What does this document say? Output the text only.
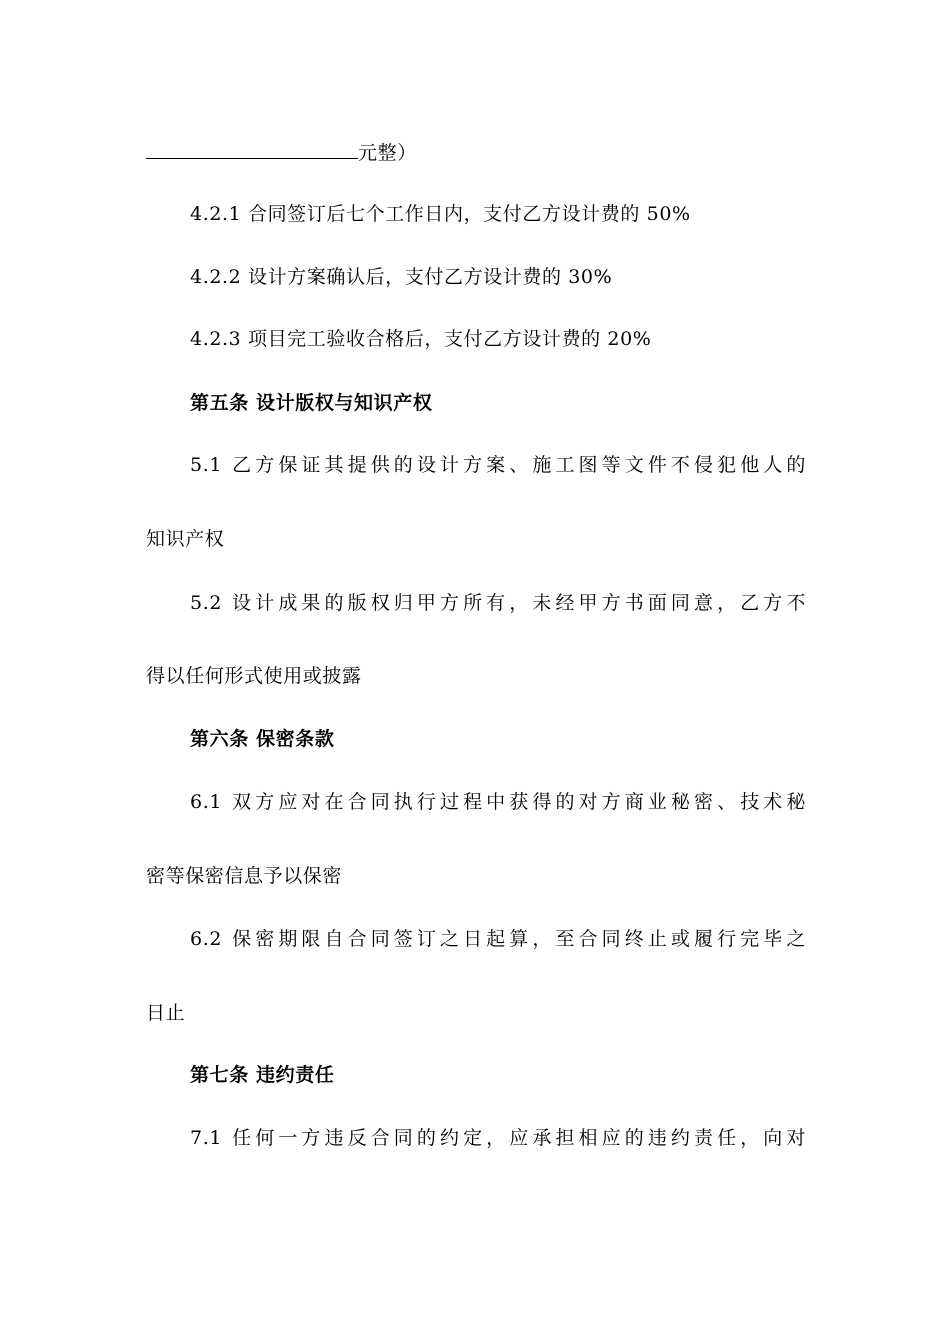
元整）
4.2.1 合同签订后七个工作日内，支付乙方设计费的 50%
4.2.2 设计方案确认后，支付乙方设计费的 30%
4.2.3 项目完工验收合格后，支付乙方设计费的 20%
第五条 设计版权与知识产权
5.1 乙方保证其提供的设计方案、施工图等文件不侵犯他人的
知识产权
5.2 设计成果的版权归甲方所有，未经甲方书面同意，乙方不
得以任何形式使用或披露
第六条 保密条款
6.1 双方应对在合同执行过程中获得的对方商业秘密、技术秘
密等保密信息予以保密
6.2 保密期限自合同签订之日起算，至合同终止或履行完毕之
日止
第七条 违约责任
7.1 任何一方违反合同的约定，应承担相应的违约责任，向对
